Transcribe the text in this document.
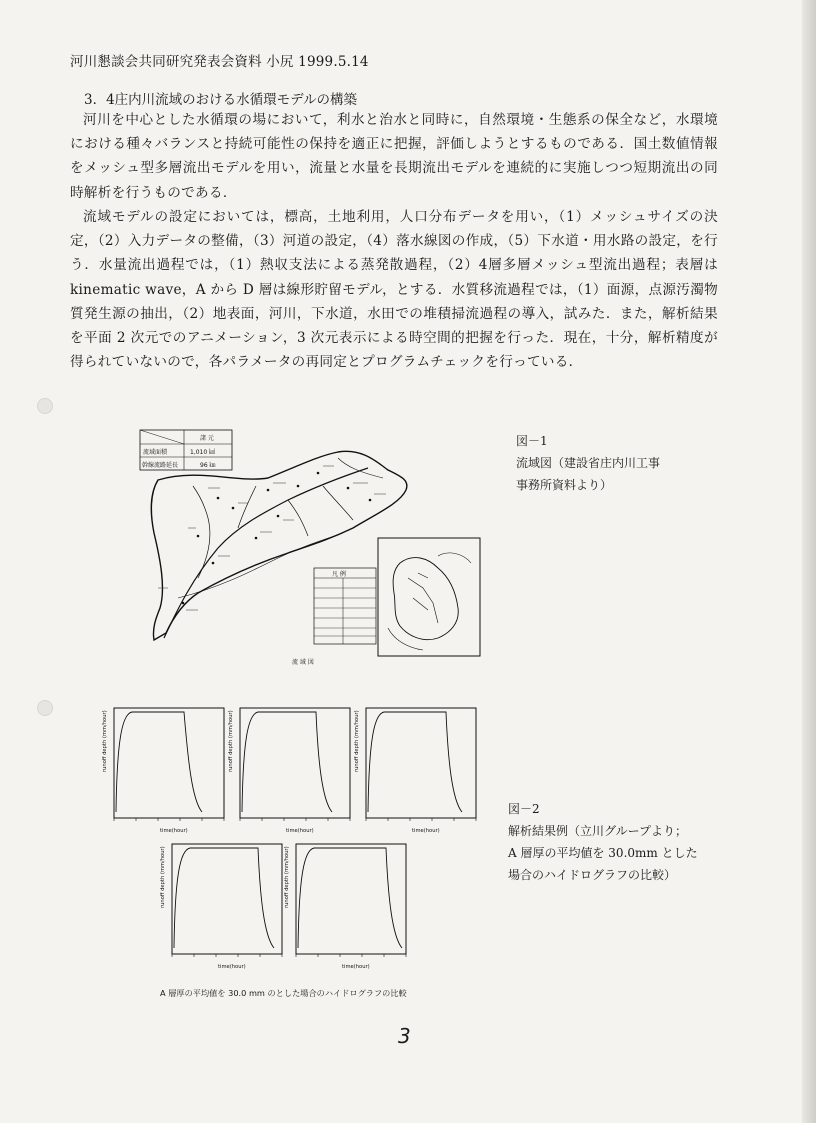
河川懇談会共同研究発表会資料 小尻 1999.5.14
3．4庄内川流域のおける水循環モデルの構築
河川を中心とした水循環の場において，利水と治水と同時に，自然環境・生態系の保全など，水環境における種々バランスと持続可能性の保持を適正に把握，評価しようとするものである．国土数値情報をメッシュ型多層流出モデルを用い，流量と水量を長期流出モデルを連続的に実施しつつ短期流出の同時解析を行うものである．
流域モデルの設定においては，標高，土地利用，人口分布データを用い，（1）メッシュサイズの決定，（2）入力データの整備，（3）河道の設定，（4）落水線図の作成，（5）下水道・用水路の設定，を行う．水量流出過程では，（1）熱収支法による蒸発散過程，（2）4層多層メッシュ型流出過程；表層は kinematic wave，A から D 層は線形貯留モデル，とする．水質移流過程では，（1）面源，点源汚濁物質発生源の抽出，（2）地表面，河川，下水道，水田での堆積掃流過程の導入，試みた．また，解析結果を平面 2 次元でのアニメーション，3 次元表示による時空間的把握を行った．現在，十分，解析精度が得られていないので，各パラメータの再同定とプログラムチェックを行っている．
諸 元
流域面積	1,010 ㎢
幹線流路延長	96 ㎞
流 域 図
凡 例
図－1
流域図（建設省庄内川工事
事務所資料より）
runoff depth (mm/hour)
time(hour)
runoff depth (mm/hour)
time(hour)
runoff depth (mm/hour)
time(hour)
runoff depth (mm/hour)
time(hour)
runoff depth (mm/hour)
time(hour)
A 層厚の平均値を 30.0 mm のとした場合のハイドログラフの比較
図－2
解析結果例（立川グループより；
A 層厚の平均値を 30.0mm とした
場合のハイドログラフの比較）
3
